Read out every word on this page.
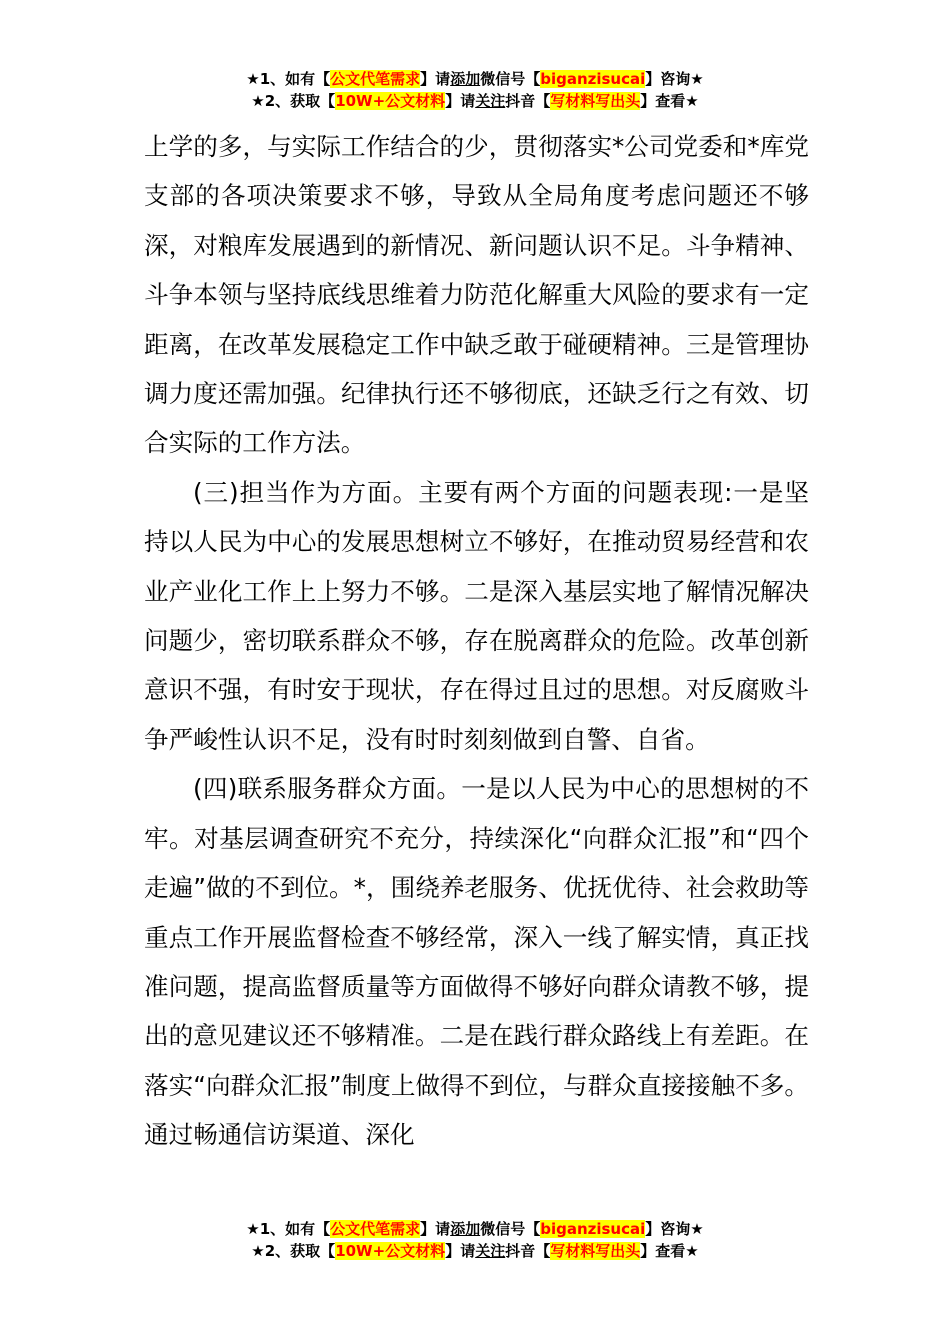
★1、如有【公文代笔需求】请添加微信号【biganzisucai】咨询★
★2、获取【10W+公文材料】请关注抖音【写材料写出头】查看★

上学的多，与实际工作结合的少，贯彻落实*公司党委和*库党支部的各项决策要求不够，导致从全局角度考虑问题还不够深，对粮库发展遇到的新情况、新问题认识不足。斗争精神、斗争本领与坚持底线思维着力防范化解重大风险的要求有一定距离，在改革发展稳定工作中缺乏敢于碰硬精神。三是管理协调力度还需加强。纪律执行还不够彻底，还缺乏行之有效、切合实际的工作方法。

(三)担当作为方面。主要有两个方面的问题表现:一是坚持以人民为中心的发展思想树立不够好，在推动贸易经营和农业产业化工作上上努力不够。二是深入基层实地了解情况解决问题少，密切联系群众不够，存在脱离群众的危险。改革创新意识不强，有时安于现状，存在得过且过的思想。对反腐败斗争严峻性认识不足，没有时时刻刻做到自警、自省。

(四)联系服务群众方面。一是以人民为中心的思想树的不牢。对基层调查研究不充分，持续深化“向群众汇报”和“四个走遍”做的不到位。*，围绕养老服务、优抚优待、社会救助等重点工作开展监督检查不够经常，深入一线了解实情，真正找准问题，提高监督质量等方面做得不够好向群众请教不够，提出的意见建议还不够精准。二是在践行群众路线上有差距。在落实“向群众汇报”制度上做得不到位，与群众直接接触不多。通过畅通信访渠道、深化

★1、如有【公文代笔需求】请添加微信号【biganzisucai】咨询★
★2、获取【10W+公文材料】请关注抖音【写材料写出头】查看★
